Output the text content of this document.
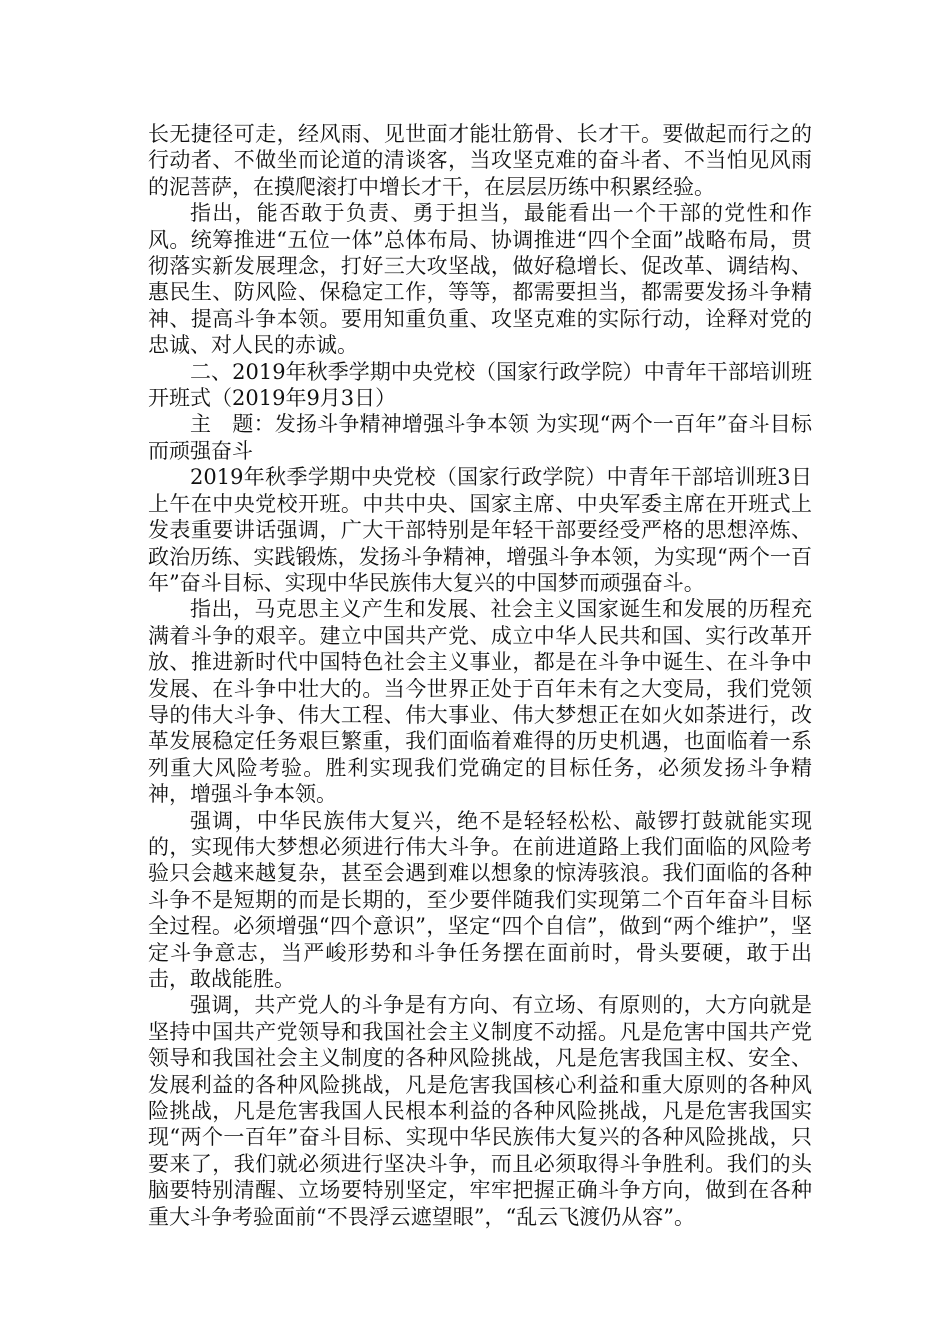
长无捷径可走，经风雨、见世面才能壮筋骨、长才干。要做起而行之的行动者、不做坐而论道的清谈客，当攻坚克难的奋斗者、不当怕见风雨的泥菩萨，在摸爬滚打中增长才干，在层层历练中积累经验。

指出，能否敢于负责、勇于担当，最能看出一个干部的党性和作风。统筹推进“五位一体”总体布局、协调推进“四个全面”战略布局，贯彻落实新发展理念，打好三大攻坚战，做好稳增长、促改革、调结构、惠民生、防风险、保稳定工作，等等，都需要担当，都需要发扬斗争精神、提高斗争本领。要用知重负重、攻坚克难的实际行动，诠释对党的忠诚、对人民的赤诚。

二、2019年秋季学期中央党校（国家行政学院）中青年干部培训班开班式（2019年9月3日）

主　题：发扬斗争精神增强斗争本领 为实现“两个一百年”奋斗目标而顽强奋斗

2019年秋季学期中央党校（国家行政学院）中青年干部培训班3日上午在中央党校开班。中共中央、国家主席、中央军委主席在开班式上发表重要讲话强调，广大干部特别是年轻干部要经受严格的思想淬炼、政治历练、实践锻炼，发扬斗争精神，增强斗争本领，为实现“两个一百年”奋斗目标、实现中华民族伟大复兴的中国梦而顽强奋斗。

指出，马克思主义产生和发展、社会主义国家诞生和发展的历程充满着斗争的艰辛。建立中国共产党、成立中华人民共和国、实行改革开放、推进新时代中国特色社会主义事业，都是在斗争中诞生、在斗争中发展、在斗争中壮大的。当今世界正处于百年未有之大变局，我们党领导的伟大斗争、伟大工程、伟大事业、伟大梦想正在如火如荼进行，改革发展稳定任务艰巨繁重，我们面临着难得的历史机遇，也面临着一系列重大风险考验。胜利实现我们党确定的目标任务，必须发扬斗争精神，增强斗争本领。

强调，中华民族伟大复兴，绝不是轻轻松松、敲锣打鼓就能实现的，实现伟大梦想必须进行伟大斗争。在前进道路上我们面临的风险考验只会越来越复杂，甚至会遇到难以想象的惊涛骇浪。我们面临的各种斗争不是短期的而是长期的，至少要伴随我们实现第二个百年奋斗目标全过程。必须增强“四个意识”，坚定“四个自信”，做到“两个维护”，坚定斗争意志，当严峻形势和斗争任务摆在面前时，骨头要硬，敢于出击，敢战能胜。

强调，共产党人的斗争是有方向、有立场、有原则的，大方向就是坚持中国共产党领导和我国社会主义制度不动摇。凡是危害中国共产党领导和我国社会主义制度的各种风险挑战，凡是危害我国主权、安全、发展利益的各种风险挑战，凡是危害我国核心利益和重大原则的各种风险挑战，凡是危害我国人民根本利益的各种风险挑战，凡是危害我国实现“两个一百年”奋斗目标、实现中华民族伟大复兴的各种风险挑战，只要来了，我们就必须进行坚决斗争，而且必须取得斗争胜利。我们的头脑要特别清醒、立场要特别坚定，牢牢把握正确斗争方向，做到在各种重大斗争考验面前“不畏浮云遮望眼”，“乱云飞渡仍从容”。
